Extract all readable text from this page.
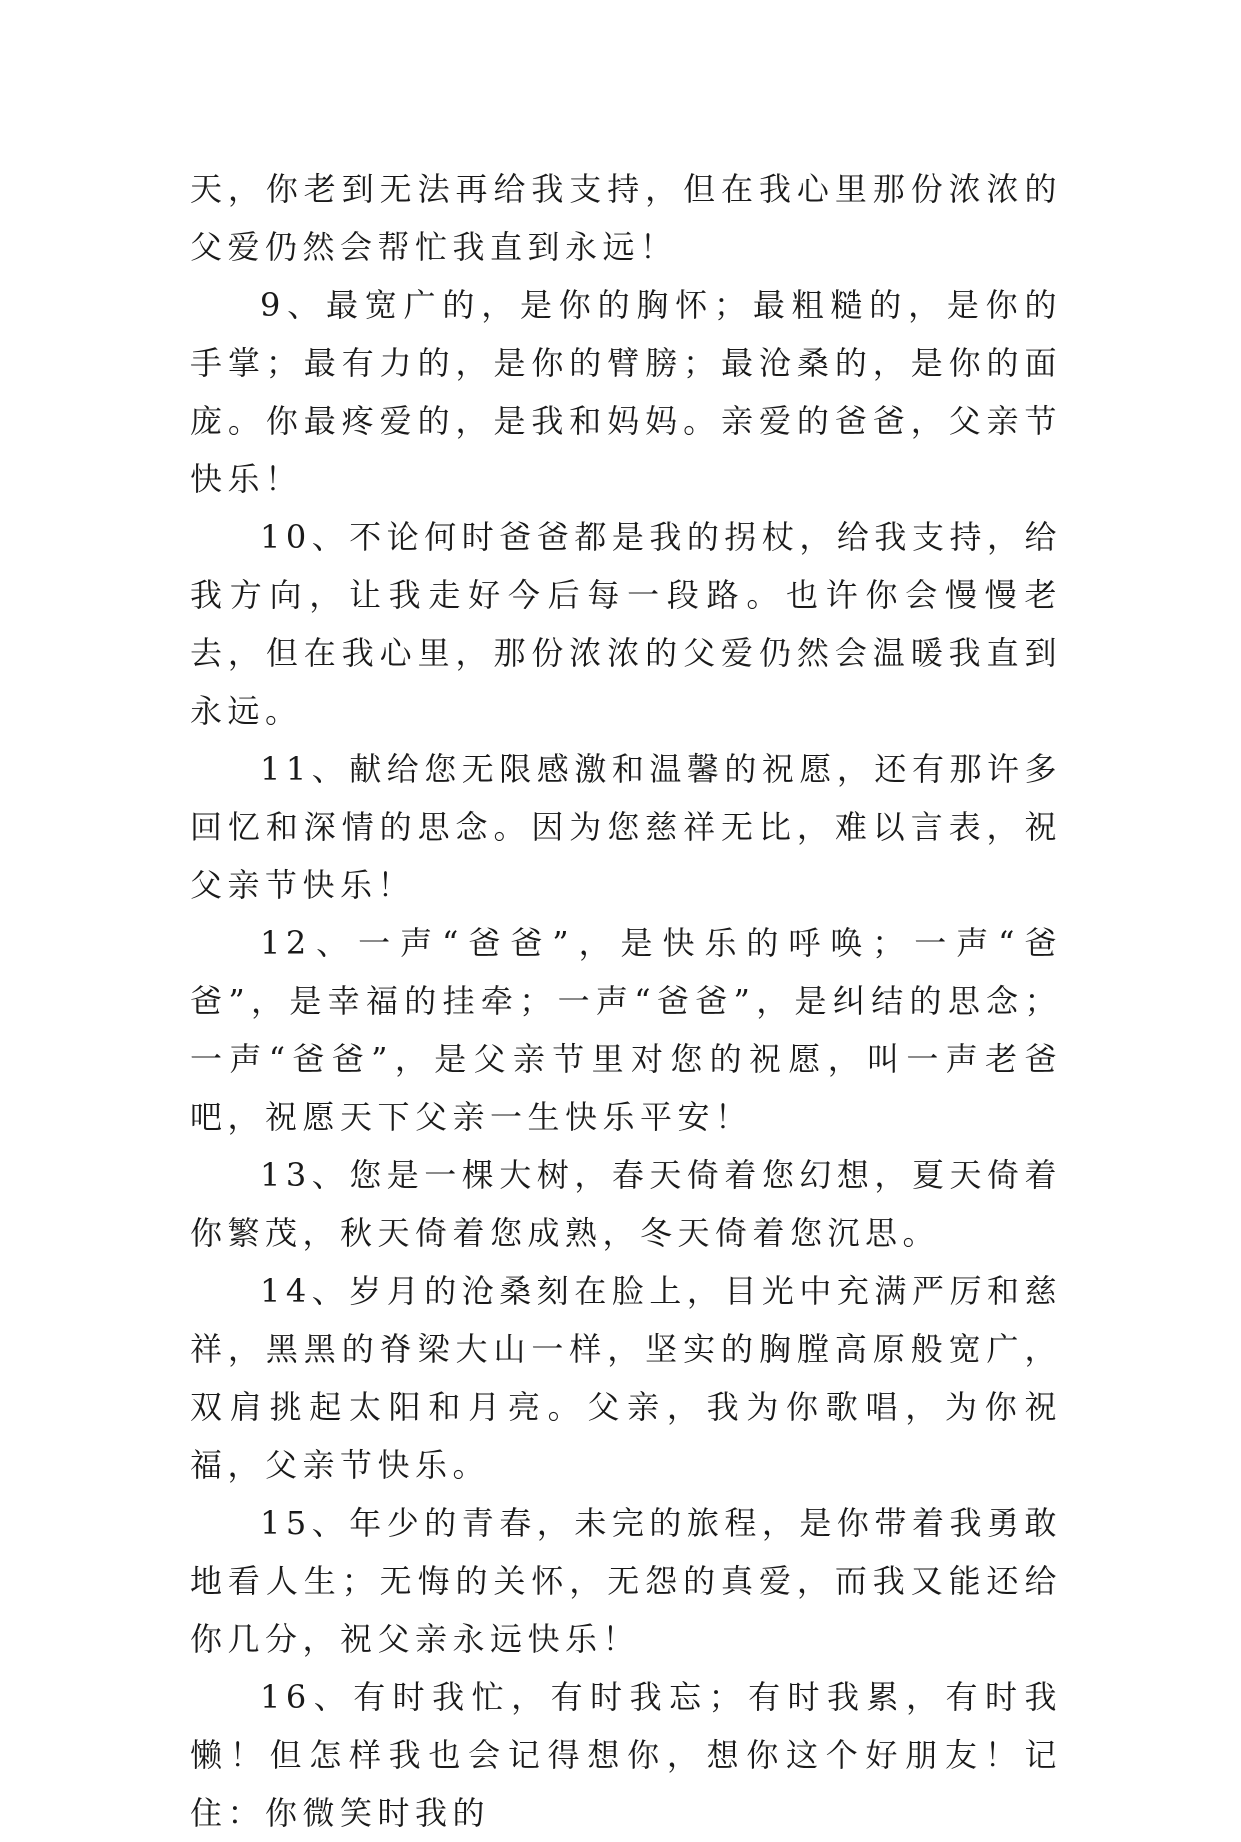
天，你老到无法再给我支持，但在我心里那份浓浓的父爱仍然会帮忙我直到永远！

9、最宽广的，是你的胸怀；最粗糙的，是你的手掌；最有力的，是你的臂膀；最沧桑的，是你的面庞。你最疼爱的，是我和妈妈。亲爱的爸爸，父亲节快乐！

10、不论何时爸爸都是我的拐杖，给我支持，给我方向，让我走好今后每一段路。也许你会慢慢老去，但在我心里，那份浓浓的父爱仍然会温暖我直到永远。

11、献给您无限感激和温馨的祝愿，还有那许多回忆和深情的思念。因为您慈祥无比，难以言表，祝父亲节快乐！

12、一声“爸爸”，是快乐的呼唤；一声“爸爸”，是幸福的挂牵；一声“爸爸”，是纠结的思念；一声“爸爸”，是父亲节里对您的祝愿，叫一声老爸吧，祝愿天下父亲一生快乐平安！

13、您是一棵大树，春天倚着您幻想，夏天倚着你繁茂，秋天倚着您成熟，冬天倚着您沉思。

14、岁月的沧桑刻在脸上，目光中充满严厉和慈祥，黑黑的脊梁大山一样，坚实的胸膛高原般宽广，双肩挑起太阳和月亮。父亲，我为你歌唱，为你祝福，父亲节快乐。

15、年少的青春，未完的旅程，是你带着我勇敢地看人生；无悔的关怀，无怨的真爱，而我又能还给你几分，祝父亲永远快乐！

16、有时我忙，有时我忘；有时我累，有时我懒！但怎样我也会记得想你，想你这个好朋友！记住：你微笑时我的
